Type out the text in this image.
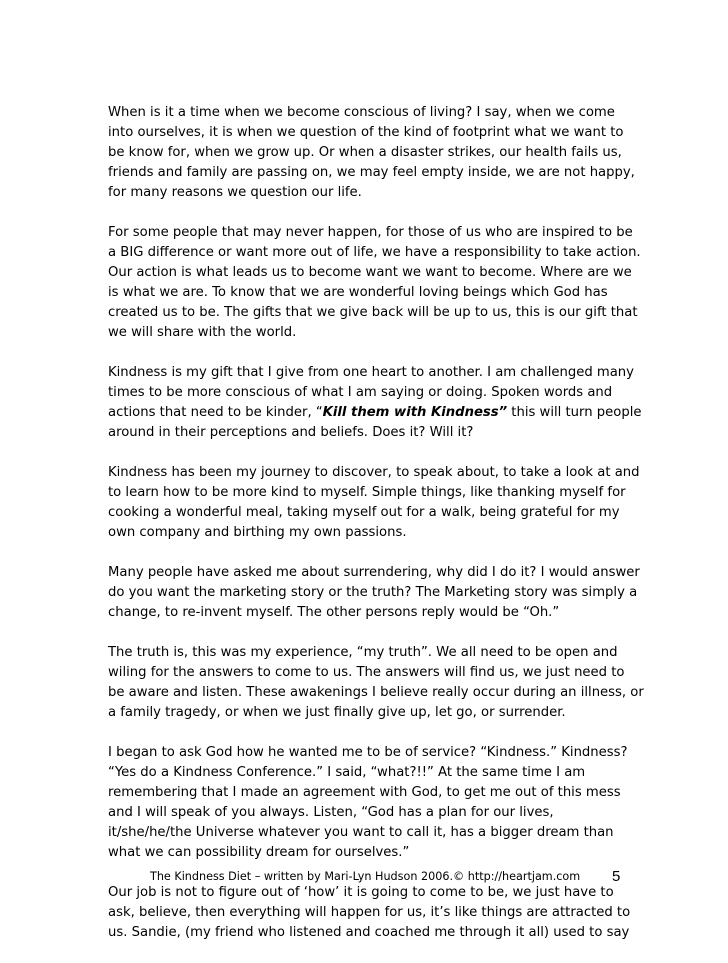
When is it a time when we become conscious of living? I say, when we come
into ourselves, it is when we question of the kind of footprint what we want to
be know for, when we grow up. Or when a disaster strikes, our health fails us,
friends and family are passing on, we may feel empty inside, we are not happy,
for many reasons we question our life.

For some people that may never happen, for those of us who are inspired to be
a BIG difference or want more out of life, we have a responsibility to take action.
Our action is what leads us to become want we want to become. Where are we
is what we are. To know that we are wonderful loving beings which God has
created us to be. The gifts that we give back will be up to us, this is our gift that
we will share with the world.

Kindness is my gift that I give from one heart to another. I am challenged many
times to be more conscious of what I am saying or doing. Spoken words and
actions that need to be kinder, “Kill them with Kindness” this will turn people
around in their perceptions and beliefs. Does it? Will it?

Kindness has been my journey to discover, to speak about, to take a look at and
to learn how to be more kind to myself. Simple things, like thanking myself for
cooking a wonderful meal, taking myself out for a walk, being grateful for my
own company and birthing my own passions.

Many people have asked me about surrendering, why did I do it? I would answer
do you want the marketing story or the truth? The Marketing story was simply a
change, to re-invent myself. The other persons reply would be “Oh.”

The truth is, this was my experience, “my truth”. We all need to be open and
wiling for the answers to come to us. The answers will find us, we just need to
be aware and listen. These awakenings I believe really occur during an illness, or
a family tragedy, or when we just finally give up, let go, or surrender.

I began to ask God how he wanted me to be of service? “Kindness.” Kindness?
“Yes do a Kindness Conference.” I said, “what?!!” At the same time I am
remembering that I made an agreement with God, to get me out of this mess
and I will speak of you always. Listen, “God has a plan for our lives,
it/she/he/the Universe whatever you want to call it, has a bigger dream than
what we can possibility dream for ourselves.”

Our job is not to figure out of ‘how’ it is going to come to be, we just have to
ask, believe, then everything will happen for us, it’s like things are attracted to
us. Sandie, (my friend who listened and coached me through it all) used to say

The Kindness Diet – written by Mari-Lyn Hudson 2006.© http://heartjam.com 5
